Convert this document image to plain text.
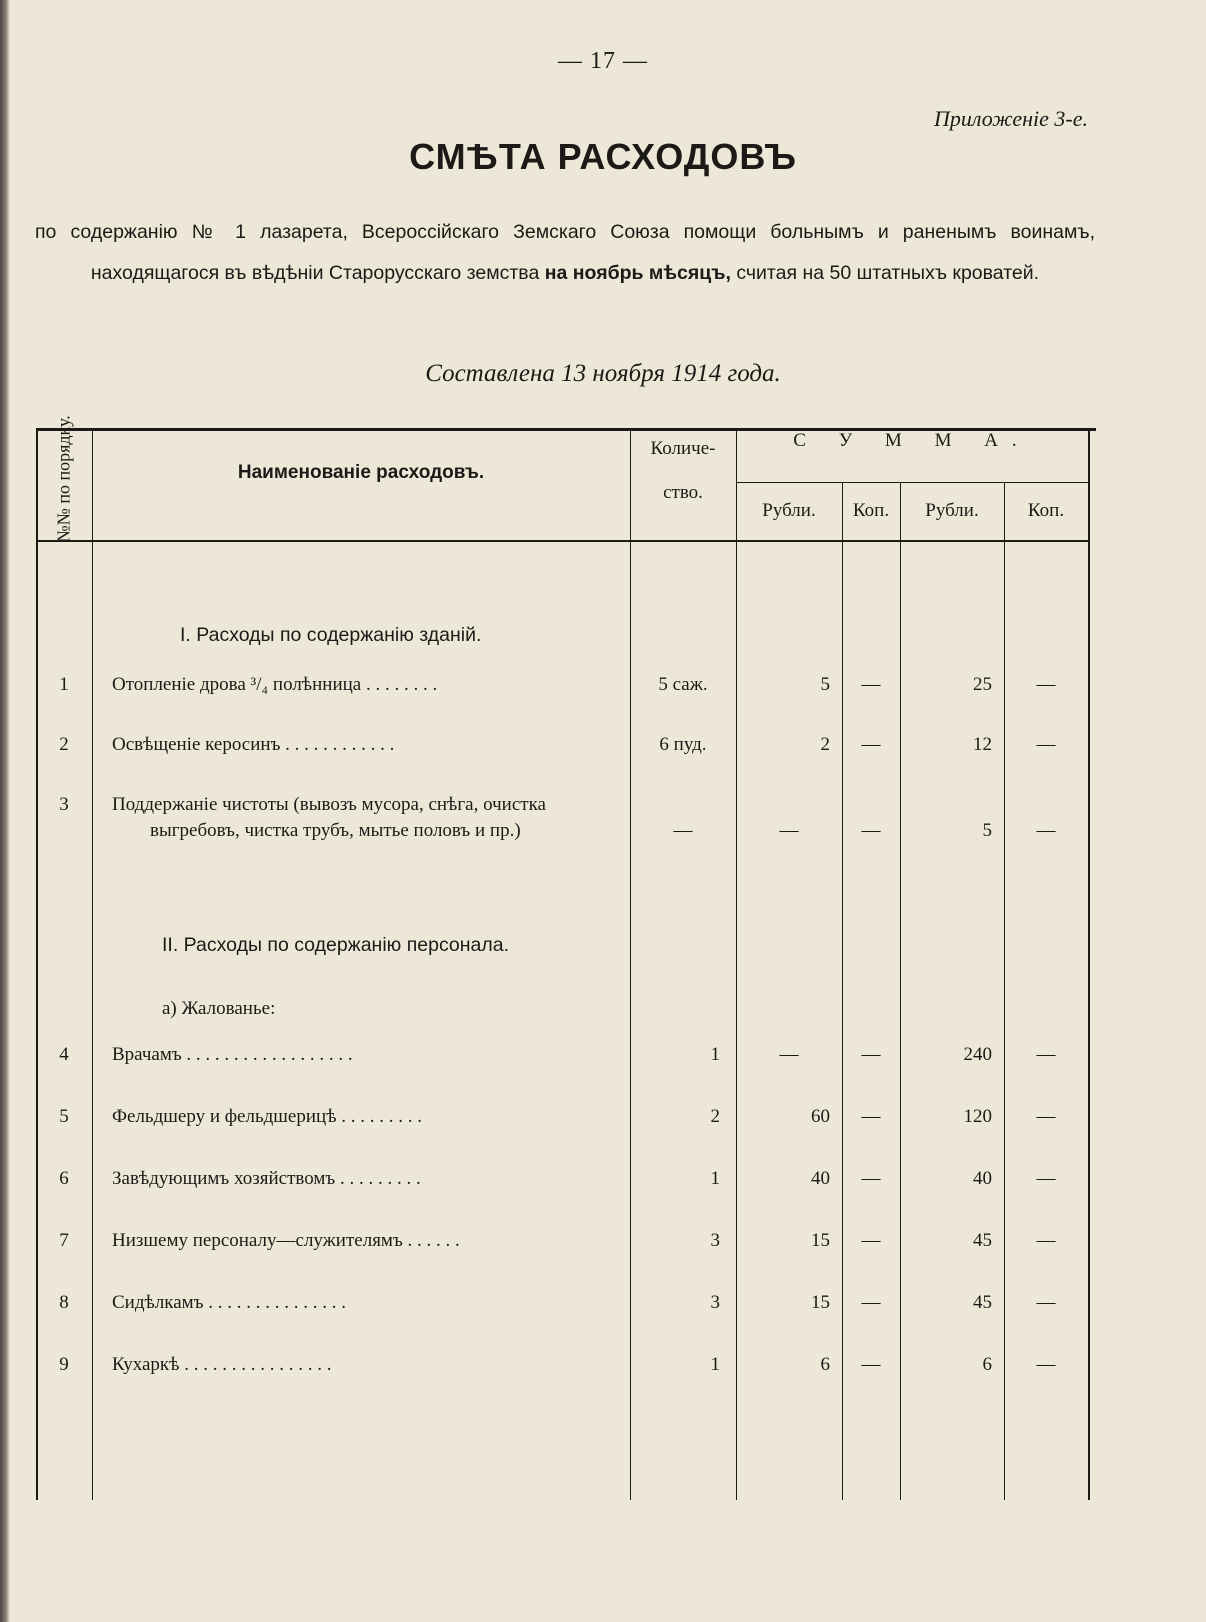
— 17 —
Приложенiе 3-е.
СМѢТА РАСХОДОВЪ
по содержанiю № 1 лазарета, Всероссiйскаго Земскаго Союза помощи больнымъ и раненымъ воинамъ, находящагося въ вѣдѣнiи Старорусскаго земства на ноябрь мѣсяцъ, считая на 50 штатныхъ кроватей.
Составлена 13 ноября 1914 года.
№№ по порядку.	Наименованiе расходовъ.
Количе-
ство.
С У М М А.
Рубли.	Коп.	Рубли.	Коп.
I. Расходы по содержанiю зданiй.
II. Расходы по содержанiю персонала.
а) Жалованье:
1	Отопленiе дрова ³/₄ полѣнница . . . . . . . .	5 саж.	5	—	25	—
2	Освѣщенiе керосинъ . . . . . . . . . . . .	6 пуд.	2	—	12	—
3	Поддержанiе чистоты (вывозъ мусора, снѣга, очистка
выгребовъ, чистка трубъ, мытье половъ и пр.)	—	—	—	5	—
4	Врачамъ . . . . . . . . . . . . . . . . . .	1	—	—	240	—
5	Фельдшеру и фельдшерицѣ . . . . . . . . .	2	60	—	120	—
6	Завѣдующимъ хозяйствомъ . . . . . . . . .	1	40	—	40	—
7	Низшему персоналу—служителямъ . . . . . .	3	15	—	45	—
8	Сидѣлкамъ . . . . . . . . . . . . . . .	3	15	—	45	—
9	Кухаркѣ . . . . . . . . . . . . . . . .	1	6	—	6	—
